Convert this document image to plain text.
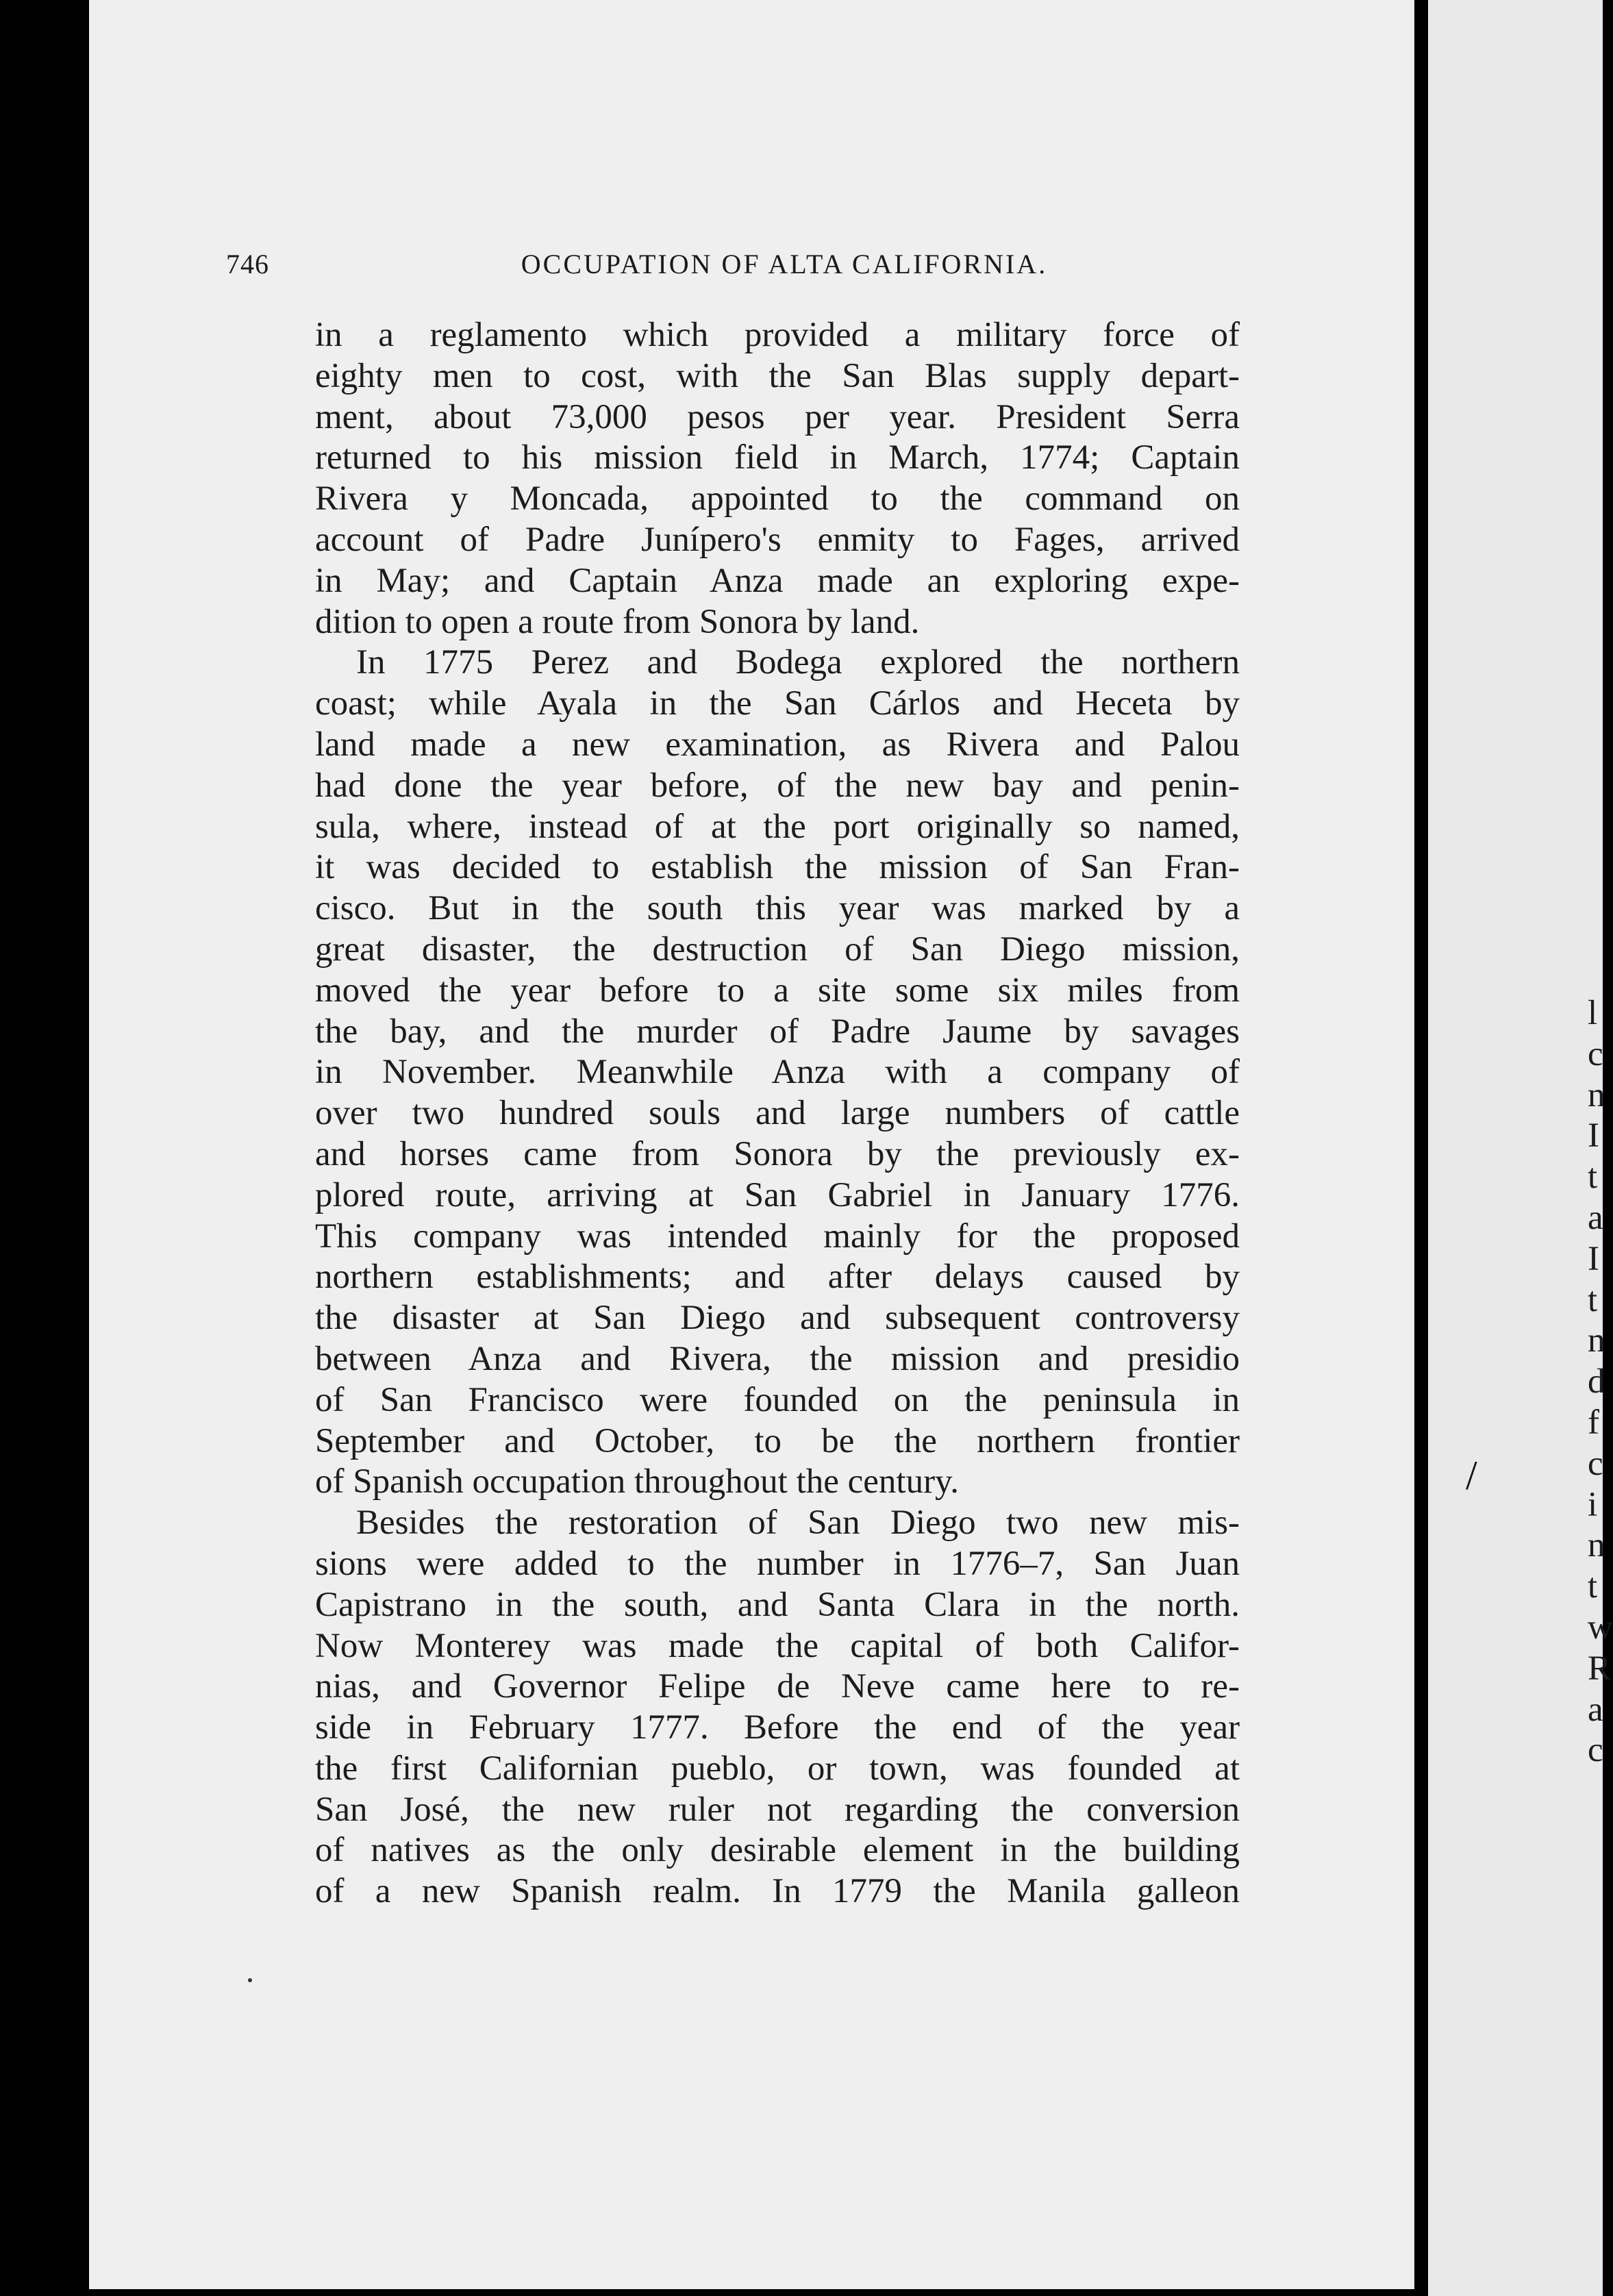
746	OCCUPATION OF ALTA CALIFORNIA.
in a reglamento which provided a military force of
eighty men to cost, with the San Blas supply depart-
ment, about 73,000 pesos per year. President Serra
returned to his mission field in March, 1774; Captain
Rivera y Moncada, appointed to the command on
account of Padre Junípero's enmity to Fages, arrived
in May; and Captain Anza made an exploring expe-
dition to open a route from Sonora by land.
In 1775 Perez and Bodega explored the northern
coast; while Ayala in the San Cárlos and Heceta by
land made a new examination, as Rivera and Palou
had done the year before, of the new bay and penin-
sula, where, instead of at the port originally so named,
it was decided to establish the mission of San Fran-
cisco. But in the south this year was marked by a
great disaster, the destruction of San Diego mission,
moved the year before to a site some six miles from
the bay, and the murder of Padre Jaume by savages
in November. Meanwhile Anza with a company of
over two hundred souls and large numbers of cattle
and horses came from Sonora by the previously ex-
plored route, arriving at San Gabriel in January 1776.
This company was intended mainly for the proposed
northern establishments; and after delays caused by
the disaster at San Diego and subsequent controversy
between Anza and Rivera, the mission and presidio
of San Francisco were founded on the peninsula in
September and October, to be the northern frontier
of Spanish occupation throughout the century.
Besides the restoration of San Diego two new mis-
sions were added to the number in 1776–7, San Juan
Capistrano in the south, and Santa Clara in the north.
Now Monterey was made the capital of both Califor-
nias, and Governor Felipe de Neve came here to re-
side in February 1777. Before the end of the year
the first Californian pueblo, or town, was founded at
San José, the new ruler not regarding the conversion
of natives as the only desirable element in the building
of a new Spanish realm. In 1779 the Manila galleon
l
c
n
I
t
a
I
t
n
d
f
c
i
n
t
w
R
a
c
/
